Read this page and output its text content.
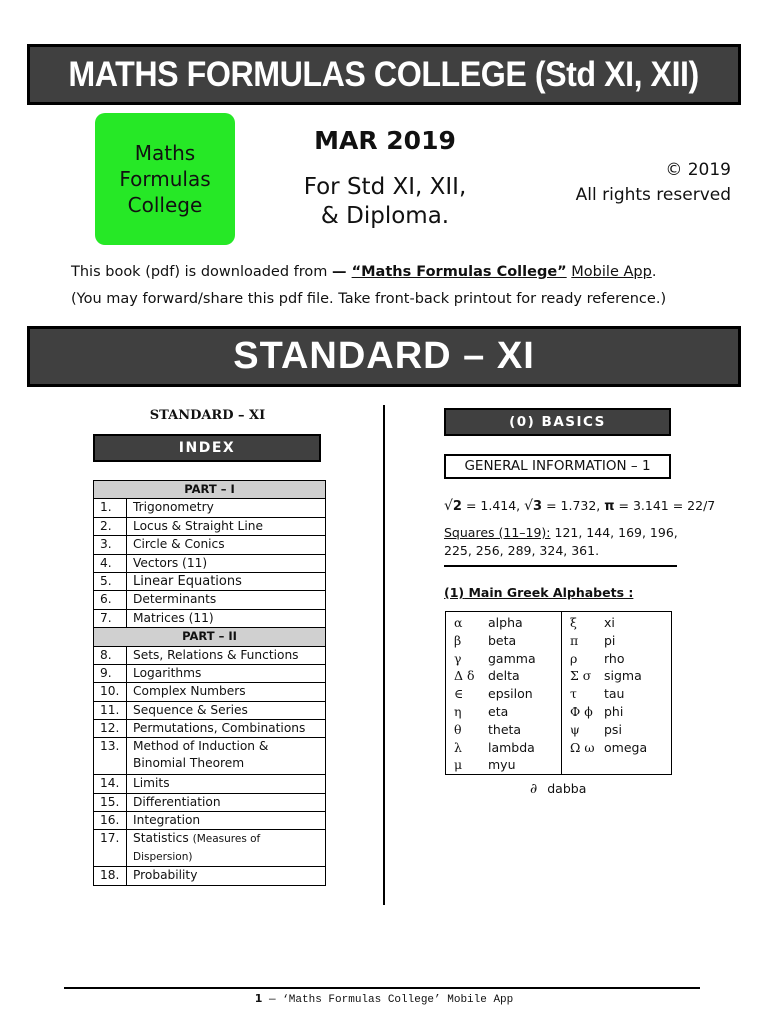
MATHS FORMULAS COLLEGE (Std XI, XII)
Maths
Formulas
College
MAR 2019
For Std XI, XII,
& Diploma.
© 2019
All rights reserved
This book (pdf) is downloaded from — “Maths Formulas College” Mobile App.
(You may forward/share this pdf file. Take front-back printout for ready reference.)
STANDARD – XI
STANDARD – XI
INDEX
PART – I	
1.	Trigonometry
2.	Locus & Straight Line
3.	Circle & Conics
4.	Vectors (11)
5.	Linear Equations
6.	Determinants
7.	Matrices (11)
PART – II	
8.	Sets, Relations & Functions
9.	Logarithms
10.	Complex Numbers
11.	Sequence & Series
12.	Permutations, Combinations
13.	Method of Induction &
Binomial Theorem

14.	Limits
15.	Differentiation
16.	Integration
17.	Statistics (Measures of Dispersion)
18.	Probability
(0) BASICS
GENERAL INFORMATION – 1
√2 = 1.414, √3 = 1.732, π = 3.141 = 22/7
Squares (11–19): 121, 144, 169, 196, 225, 256, 289, 324, 361.
(1) Main Greek Alphabets :
α	alpha
β	beta
γ	gamma
Δ δ	delta
∈	epsilon
η	eta
θ	theta
λ	lambda
μ	myu
ξ	xi
π	pi
ρ	rho
Σ σ	sigma
τ	tau
Φ ϕ phi
ψ	psi
Ω ω omega
∂ dabba
1 — ‘Maths Formulas College’ Mobile App
